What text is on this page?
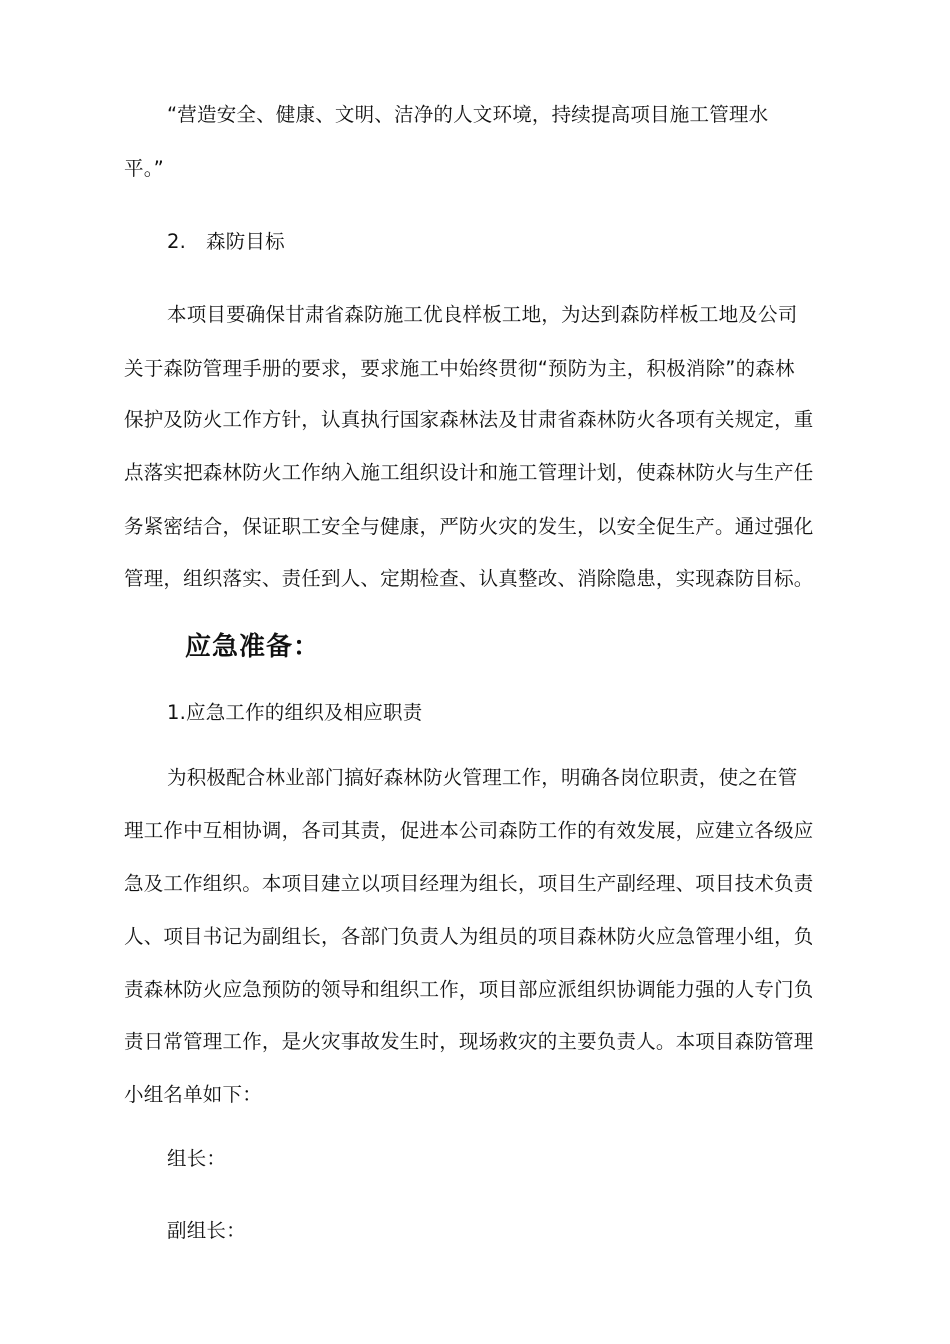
“营造安全、健康、文明、洁净的人文环境，持续提高项目施工管理水
平。”
2. 森防目标
本项目要确保甘肃省森防施工优良样板工地，为达到森防样板工地及公司
关于森防管理手册的要求，要求施工中始终贯彻“预防为主，积极消除”的森林
保护及防火工作方针，认真执行国家森林法及甘肃省森林防火各项有关规定，重
点落实把森林防火工作纳入施工组织设计和施工管理计划，使森林防火与生产任
务紧密结合，保证职工安全与健康，严防火灾的发生，以安全促生产。通过强化
管理，组织落实、责任到人、定期检查、认真整改、消除隐患，实现森防目标。
应急准备：
1.应急工作的组织及相应职责
为积极配合林业部门搞好森林防火管理工作，明确各岗位职责，使之在管
理工作中互相协调，各司其责，促进本公司森防工作的有效发展，应建立各级应
急及工作组织。本项目建立以项目经理为组长，项目生产副经理、项目技术负责
人、项目书记为副组长，各部门负责人为组员的项目森林防火应急管理小组，负
责森林防火应急预防的领导和组织工作，项目部应派组织协调能力强的人专门负
责日常管理工作，是火灾事故发生时，现场救灾的主要负责人。本项目森防管理
小组名单如下：
组长：
副组长：
